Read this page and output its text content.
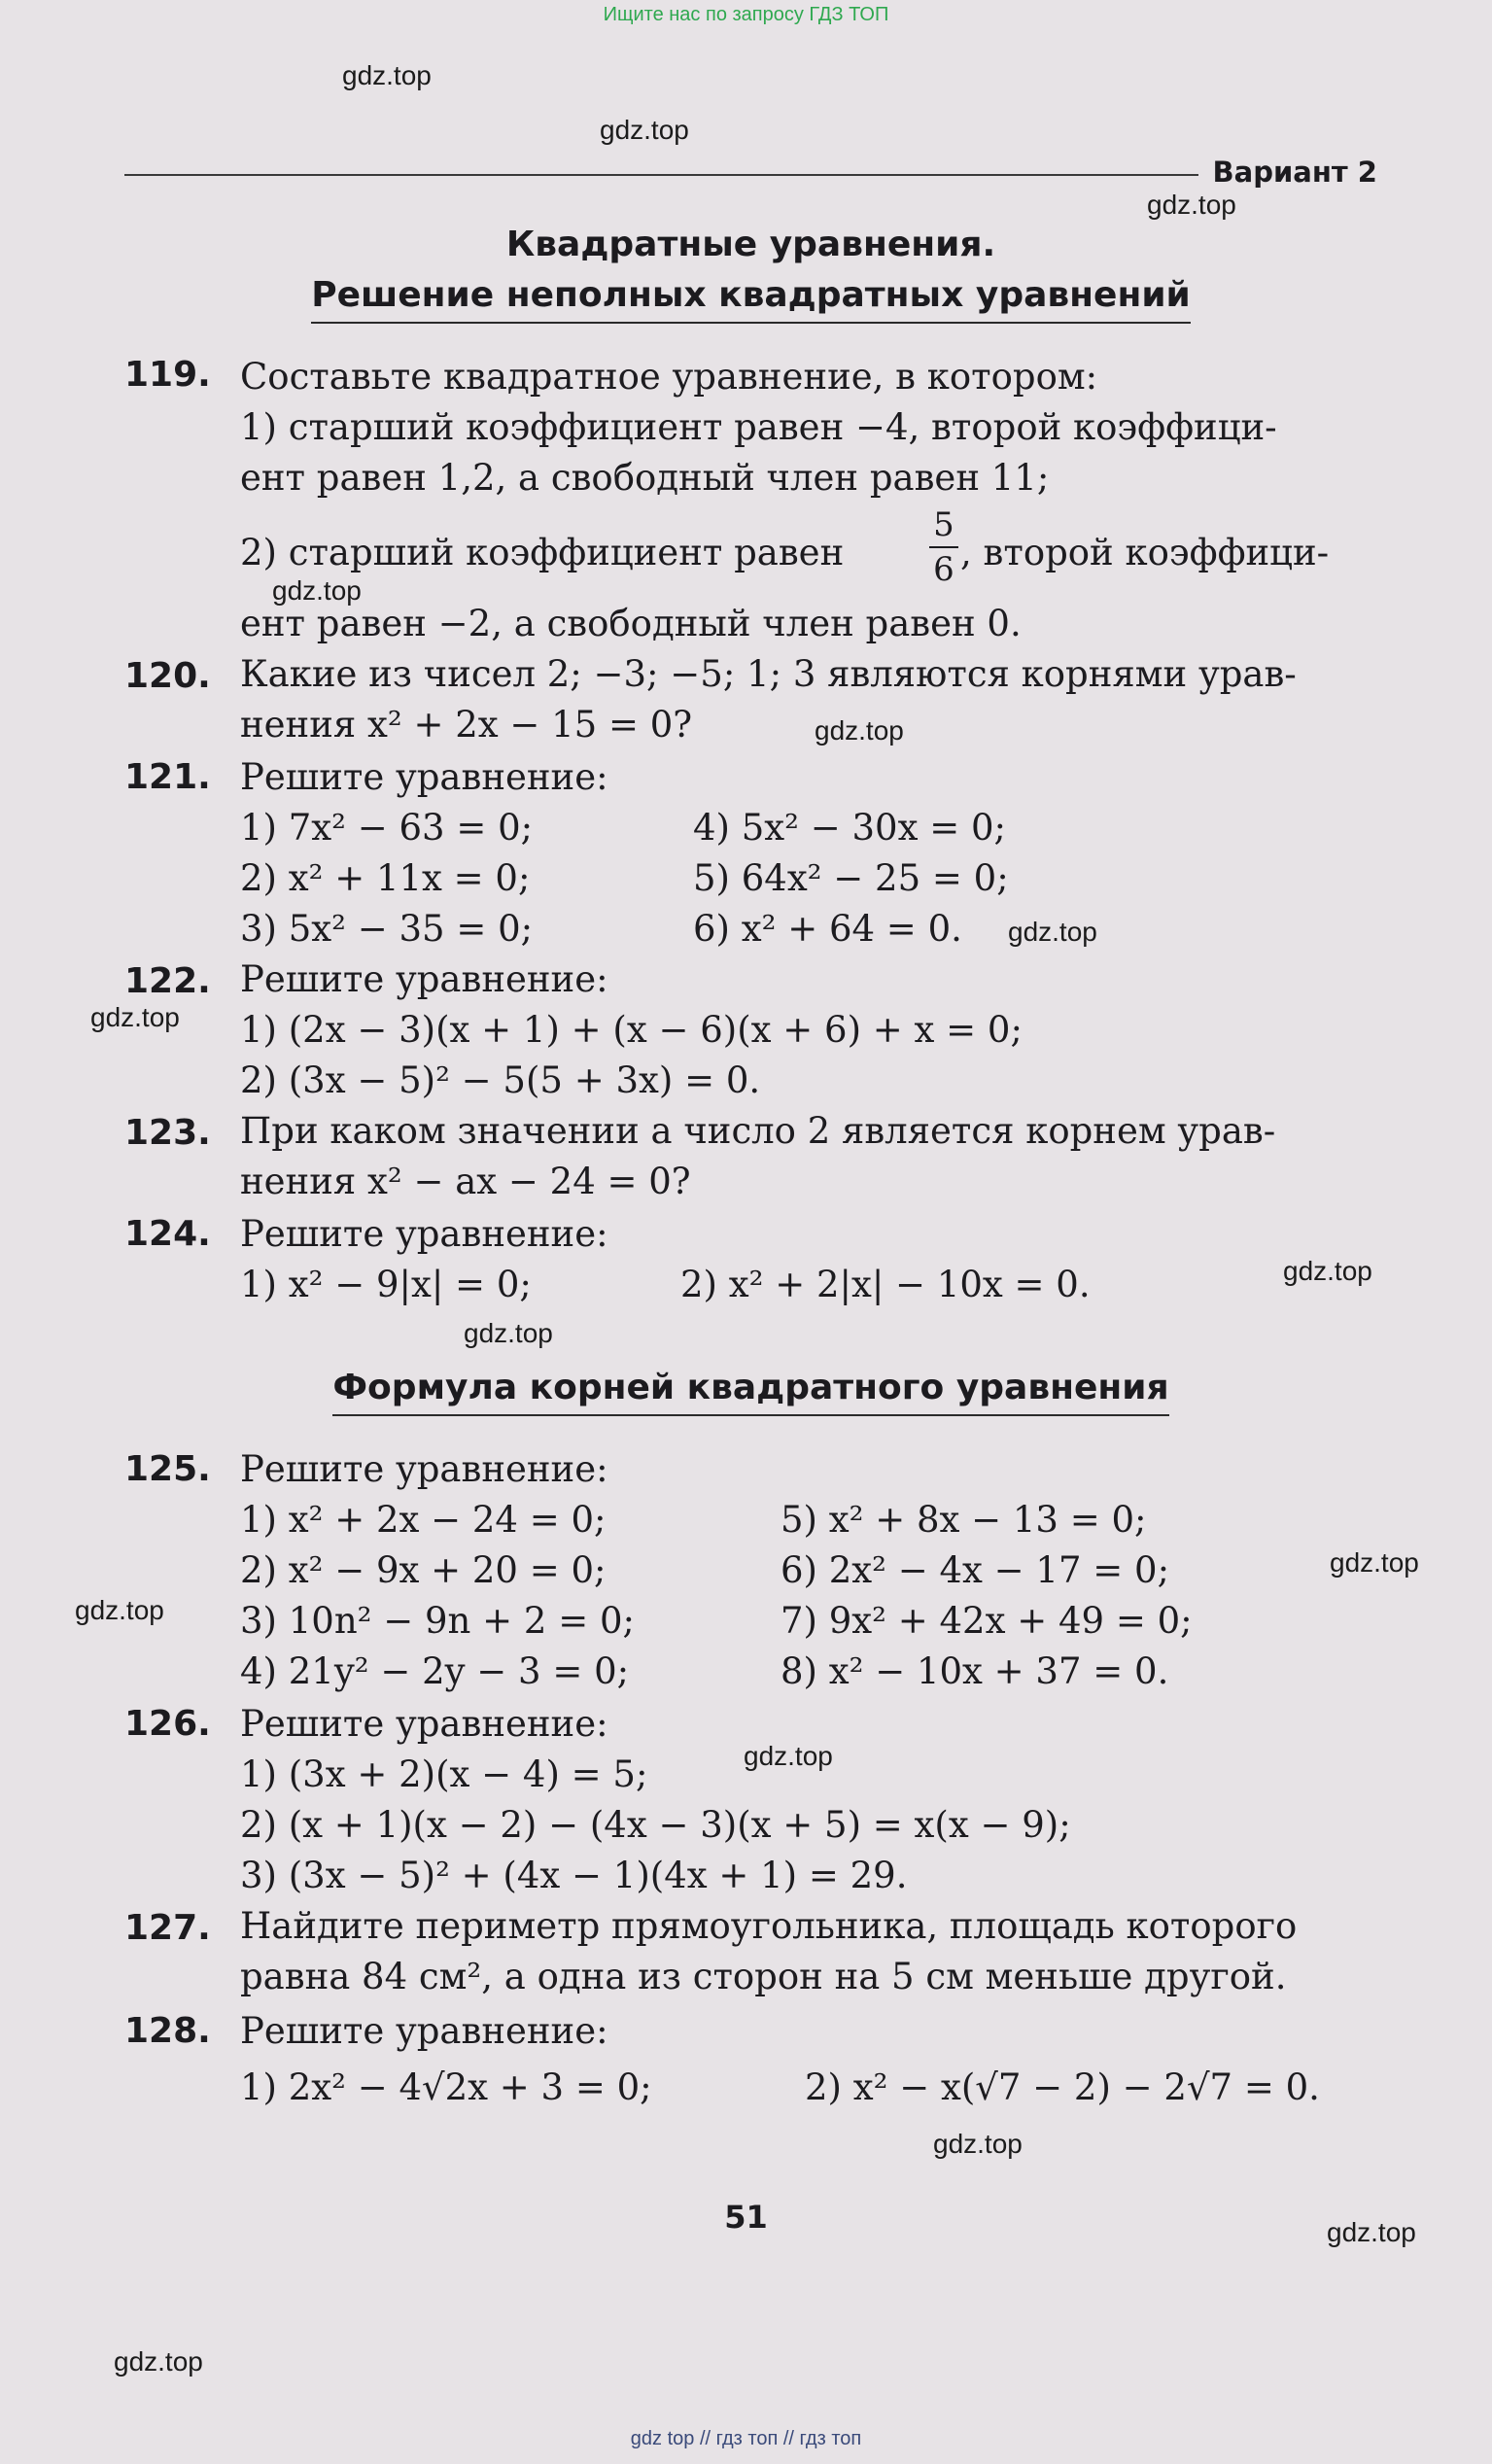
Ищите нас по запросу ГДЗ ТОП
gdz.top
gdz.top
gdz.top
gdz.top
gdz.top
gdz.top
gdz.top
gdz.top
gdz.top
gdz.top
gdz.top
gdz.top
gdz.top
gdz.top
gdz.top
Вариант 2
Квадратные уравнения.
Решение неполных квадратных уравнений
119. Составьте квадратное уравнение, в котором:
1) старший коэффициент равен −4, второй коэффици-
ент равен 1,2, а свободный член равен 11;
2) старший коэффициент равен
5
6 , второй коэффици-
ент равен −2, а свободный член равен 0.
120. Какие из чисел 2; −3; −5; 1; 3 являются корнями урав-
нения x² + 2x − 15 = 0?
121. Решите уравнение:
1) 7x² − 63 = 0;
2) x² + 11x = 0;
3) 5x² − 35 = 0;
4) 5x² − 30x = 0;
5) 64x² − 25 = 0;
6) x² + 64 = 0.
122. Решите уравнение:
1) (2x − 3)(x + 1) + (x − 6)(x + 6) + x = 0;
2) (3x − 5)² − 5(5 + 3x) = 0.
123. При каком значении a число 2 является корнем урав-
нения x² − ax − 24 = 0?
124. Решите уравнение:
1) x² − 9|x| = 0;	2) x² + 2|x| − 10x = 0.
Формула корней квадратного уравнения
125. Решите уравнение:
1) x² + 2x − 24 = 0;
2) x² − 9x + 20 = 0;
3) 10n² − 9n + 2 = 0;
4) 21y² − 2y − 3 = 0;
5) x² + 8x − 13 = 0;
6) 2x² − 4x − 17 = 0;
7) 9x² + 42x + 49 = 0;
8) x² − 10x + 37 = 0.
126. Решите уравнение:
1) (3x + 2)(x − 4) = 5;
2) (x + 1)(x − 2) − (4x − 3)(x + 5) = x(x − 9);
3) (3x − 5)² + (4x − 1)(4x + 1) = 29.
127. Найдите периметр прямоугольника, площадь которого
равна 84 см², а одна из сторон на 5 см меньше другой.
128. Решите уравнение:
1) 2x² − 4√2x + 3 = 0;	2) x² − x(√7 − 2) − 2√7 = 0.
51
gdz top // гдз топ // гдз топ
